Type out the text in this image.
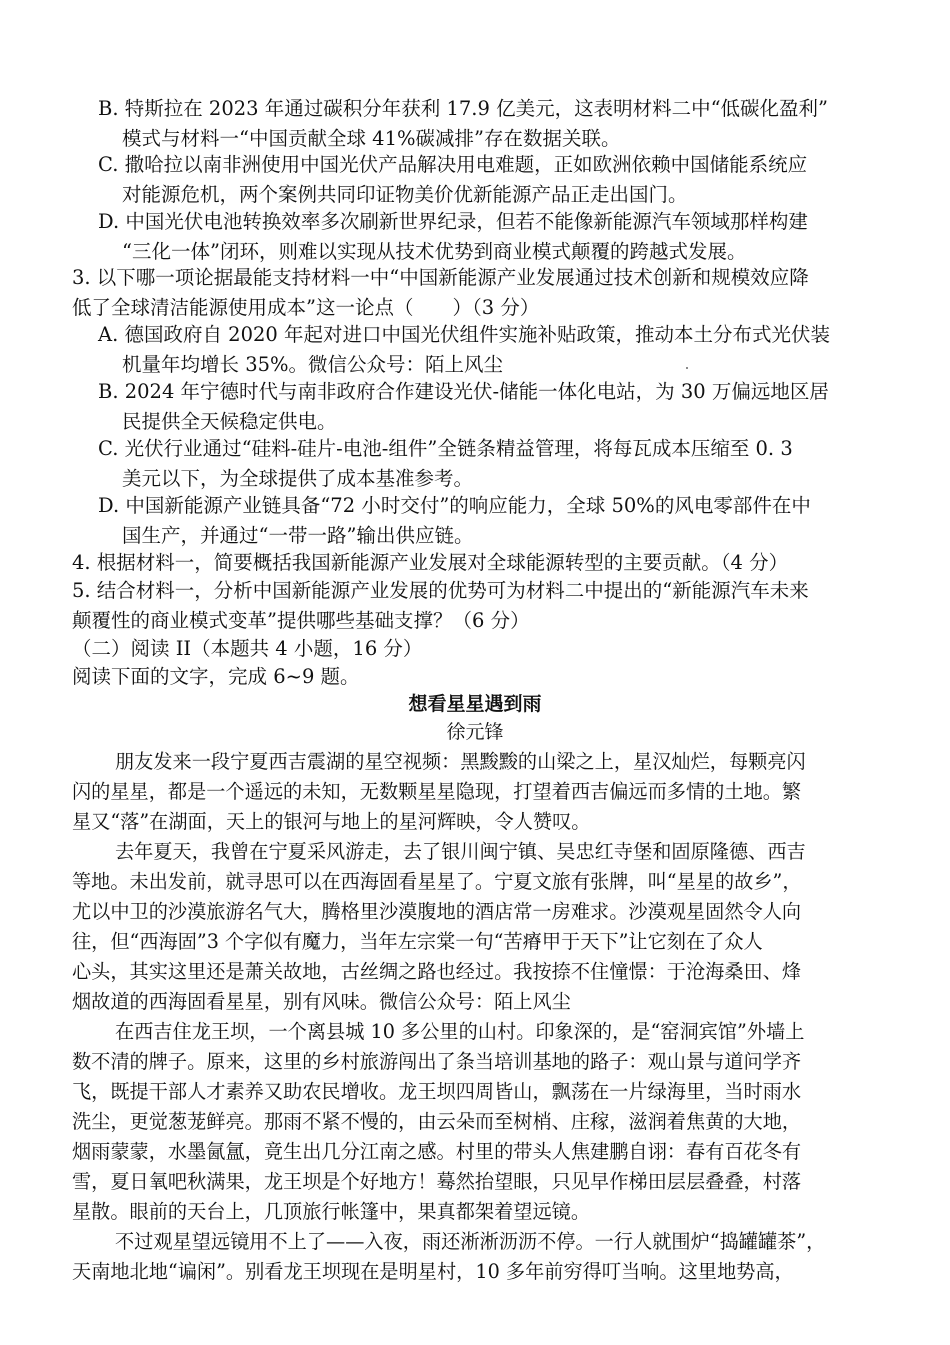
B. 特斯拉在 2023 年通过碳积分年获利 17.9 亿美元，这表明材料二中“低碳化盈利”
模式与材料一“中国贡献全球 41%碳减排”存在数据关联。
C. 撒哈拉以南非洲使用中国光伏产品解决用电难题，正如欧洲依赖中国储能系统应
对能源危机，两个案例共同印证物美价优新能源产品正走出国门。
D. 中国光伏电池转换效率多次刷新世界纪录，但若不能像新能源汽车领域那样构建
“三化一体”闭环，则难以实现从技术优势到商业模式颠覆的跨越式发展。
3. 以下哪一项论据最能支持材料一中“中国新能源产业发展通过技术创新和规模效应降
低了全球清洁能源使用成本”这一论点（　　）（3 分）
A. 德国政府自 2020 年起对进口中国光伏组件实施补贴政策，推动本土分布式光伏装
机量年均增长 35%。微信公众号：陌上风尘
B. 2024 年宁德时代与南非政府合作建设光伏-储能一体化电站，为 30 万偏远地区居
民提供全天候稳定供电。
C. 光伏行业通过“硅料-硅片-电池-组件”全链条精益管理，将每瓦成本压缩至 0. 3
美元以下，为全球提供了成本基准参考。
D. 中国新能源产业链具备“72 小时交付”的响应能力，全球 50%的风电零部件在中
国生产，并通过“一带一路”输出供应链。
4. 根据材料一，简要概括我国新能源产业发展对全球能源转型的主要贡献。（4 分）
5. 结合材料一，分析中国新能源产业发展的优势可为材料二中提出的“新能源汽车未来
颠覆性的商业模式变革”提供哪些基础支撑？（6 分）
（二）阅读 II（本题共 4 小题，16 分）
阅读下面的文字，完成 6~9 题。
想看星星遇到雨
徐元锋
朋友发来一段宁夏西吉震湖的星空视频：黑黢黢的山梁之上，星汉灿烂，每颗亮闪
闪的星星，都是一个遥远的未知，无数颗星星隐现，打望着西吉偏远而多情的土地。繁
星又“落”在湖面，天上的银河与地上的星河辉映，令人赞叹。
去年夏天，我曾在宁夏采风游走，去了银川闽宁镇、吴忠红寺堡和固原隆德、西吉
等地。未出发前，就寻思可以在西海固看星星了。宁夏文旅有张牌，叫“星星的故乡”，
尤以中卫的沙漠旅游名气大，腾格里沙漠腹地的酒店常一房难求。沙漠观星固然令人向
往，但“西海固”3 个字似有魔力，当年左宗棠一句“苦瘠甲于天下”让它刻在了众人
心头，其实这里还是萧关故地，古丝绸之路也经过。我按捺不住憧憬：于沧海桑田、烽
烟故道的西海固看星星，别有风味。微信公众号：陌上风尘
在西吉住龙王坝，一个离县城 10 多公里的山村。印象深的，是“窑洞宾馆”外墙上
数不清的牌子。原来，这里的乡村旅游闯出了条当培训基地的路子：观山景与道问学齐
飞，既提干部人才素养又助农民增收。龙王坝四周皆山，飘荡在一片绿海里，当时雨水
洗尘，更觉葱茏鲜亮。那雨不紧不慢的，由云朵而至树梢、庄稼，滋润着焦黄的大地，
烟雨蒙蒙，水墨氤氲，竟生出几分江南之感。村里的带头人焦建鹏自诩：春有百花冬有
雪，夏日氧吧秋满果，龙王坝是个好地方！蓦然抬望眼，只见早作梯田层层叠叠，村落
星散。眼前的天台上，几顶旅行帐篷中，果真都架着望远镜。
不过观星望远镜用不上了——入夜，雨还淅淅沥沥不停。一行人就围炉“捣罐罐茶”，
天南地北地“谝闲”。别看龙王坝现在是明星村，10 多年前穷得叮当响。这里地势高，
